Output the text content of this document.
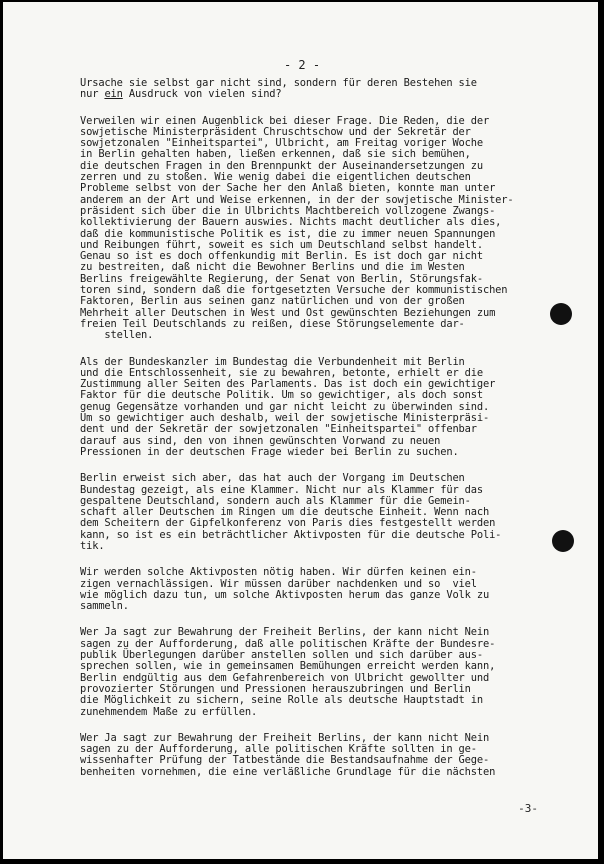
- 2 -
Ursache sie selbst gar nicht sind, sondern für deren Bestehen sie
nur ein Ausdruck von vielen sind?
Verweilen wir einen Augenblick bei dieser Frage. Die Reden, die der
sowjetische Ministerpräsident Chruschtschow und der Sekretär der
sowjetzonalen "Einheitspartei", Ulbricht, am Freitag voriger Woche
in Berlin gehalten haben, ließen erkennen, daß sie sich bemühen,
die deutschen Fragen in den Brennpunkt der Auseinandersetzungen zu
zerren und zu stoßen. Wie wenig dabei die eigentlichen deutschen
Probleme selbst von der Sache her den Anlaß bieten, konnte man unter
anderem an der Art und Weise erkennen, in der der sowjetische Minister-
präsident sich über die in Ulbrichts Machtbereich vollzogene Zwangs-
kollektivierung der Bauern auswies. Nichts macht deutlicher als dies,
daß die kommunistische Politik es ist, die zu immer neuen Spannungen
und Reibungen führt, soweit es sich um Deutschland selbst handelt.
Genau so ist es doch offenkundig mit Berlin. Es ist doch gar nicht
zu bestreiten, daß nicht die Bewohner Berlins und die im Westen
Berlins freigewählte Regierung, der Senat von Berlin, Störungsfak-
toren sind, sondern daß die fortgesetzten Versuche der kommunistischen
Faktoren, Berlin aus seinen ganz natürlichen und von der großen
Mehrheit aller Deutschen in West und Ost gewünschten Beziehungen zum
freien Teil Deutschlands zu reißen, diese Störungselemente dar-
stellen.
Als der Bundeskanzler im Bundestag die Verbundenheit mit Berlin
und die Entschlossenheit, sie zu bewahren, betonte, erhielt er die
Zustimmung aller Seiten des Parlaments. Das ist doch ein gewichtiger
Faktor für die deutsche Politik. Um so gewichtiger, als doch sonst
genug Gegensätze vorhanden und gar nicht leicht zu überwinden sind.
Um so gewichtiger auch deshalb, weil der sowjetische Ministerpräsi-
dent und der Sekretär der sowjetzonalen "Einheitspartei" offenbar
darauf aus sind, den von ihnen gewünschten Vorwand zu neuen
Pressionen in der deutschen Frage wieder bei Berlin zu suchen.
Berlin erweist sich aber, das hat auch der Vorgang im Deutschen
Bundestag gezeigt, als eine Klammer. Nicht nur als Klammer für das
gespaltene Deutschland, sondern auch als Klammer für die Gemein-
schaft aller Deutschen im Ringen um die deutsche Einheit. Wenn nach
dem Scheitern der Gipfelkonferenz von Paris dies festgestellt werden
kann, so ist es ein beträchtlicher Aktivposten für die deutsche Poli-
tik.
Wir werden solche Aktivposten nötig haben. Wir dürfen keinen ein-
zigen vernachlässigen. Wir müssen darüber nachdenken und so  viel
wie möglich dazu tun, um solche Aktivposten herum das ganze Volk zu
sammeln.
Wer Ja sagt zur Bewahrung der Freiheit Berlins, der kann nicht Nein
sagen zu der Aufforderung, daß alle politischen Kräfte der Bundesre-
publik Überlegungen darüber anstellen sollen und sich darüber aus-
sprechen sollen, wie in gemeinsamen Bemühungen erreicht werden kann,
Berlin endgültig aus dem Gefahrenbereich von Ulbricht gewollter und
provozierter Störungen und Pressionen herauszubringen und Berlin
die Möglichkeit zu sichern, seine Rolle als deutsche Hauptstadt in
zunehmendem Maße zu erfüllen.
Wer Ja sagt zur Bewahrung der Freiheit Berlins, der kann nicht Nein
sagen zu der Aufforderung, alle politischen Kräfte sollten in ge-
wissenhafter Prüfung der Tatbestände die Bestandsaufnahme der Gege-
benheiten vornehmen, die eine verläßliche Grundlage für die nächsten
-3-
